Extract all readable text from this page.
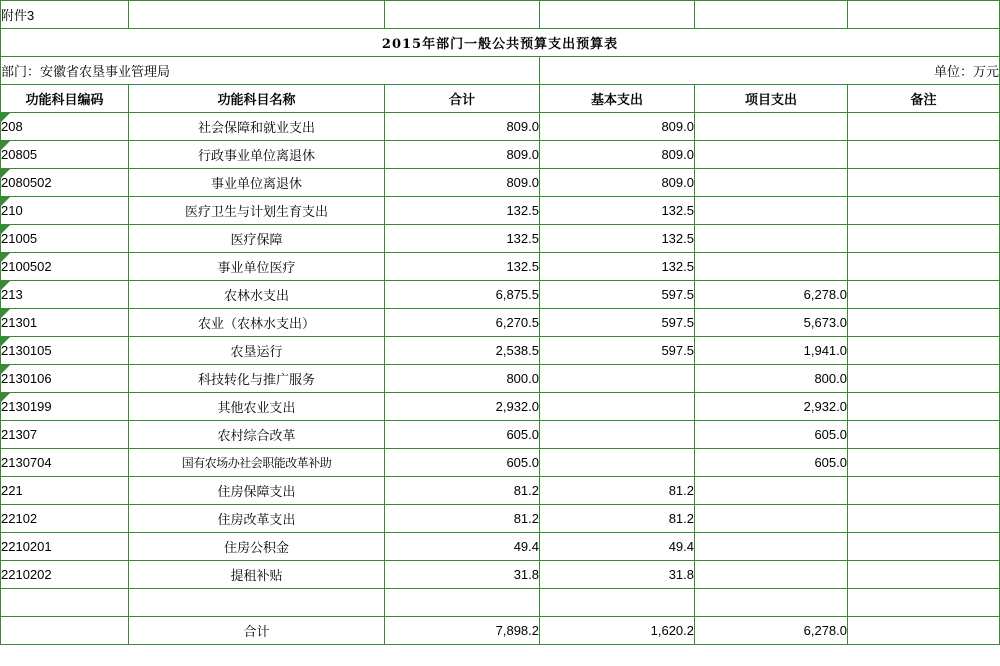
附件3					
2015年部门一般公共预算支出预算表					
部门：安徽省农垦事业管理局			单位：万元		
功能科目编码	功能科目名称	合计	基本支出	项目支出	备注
208	社会保障和就业支出	809.0	809.0		
20805	行政事业单位离退休	809.0	809.0		
2080502	事业单位离退休	809.0	809.0		
210	医疗卫生与计划生育支出	132.5	132.5		
21005	医疗保障	132.5	132.5		
2100502	事业单位医疗	132.5	132.5		
213	农林水支出	6,875.5	597.5	6,278.0	
21301	农业（农林水支出）	6,270.5	597.5	5,673.0	
2130105	农垦运行	2,538.5	597.5	1,941.0	
2130106	科技转化与推广服务	800.0		800.0	
2130199	其他农业支出	2,932.0		2,932.0	
21307	农村综合改革	605.0		605.0	
2130704	国有农场办社会职能改革补助	605.0		605.0	
221	住房保障支出	81.2	81.2		
22102	住房改革支出	81.2	81.2		
2210201	住房公积金	49.4	49.4		
2210202	提租补贴	31.8	31.8		

	合计	7,898.2	1,620.2	6,278.0	
